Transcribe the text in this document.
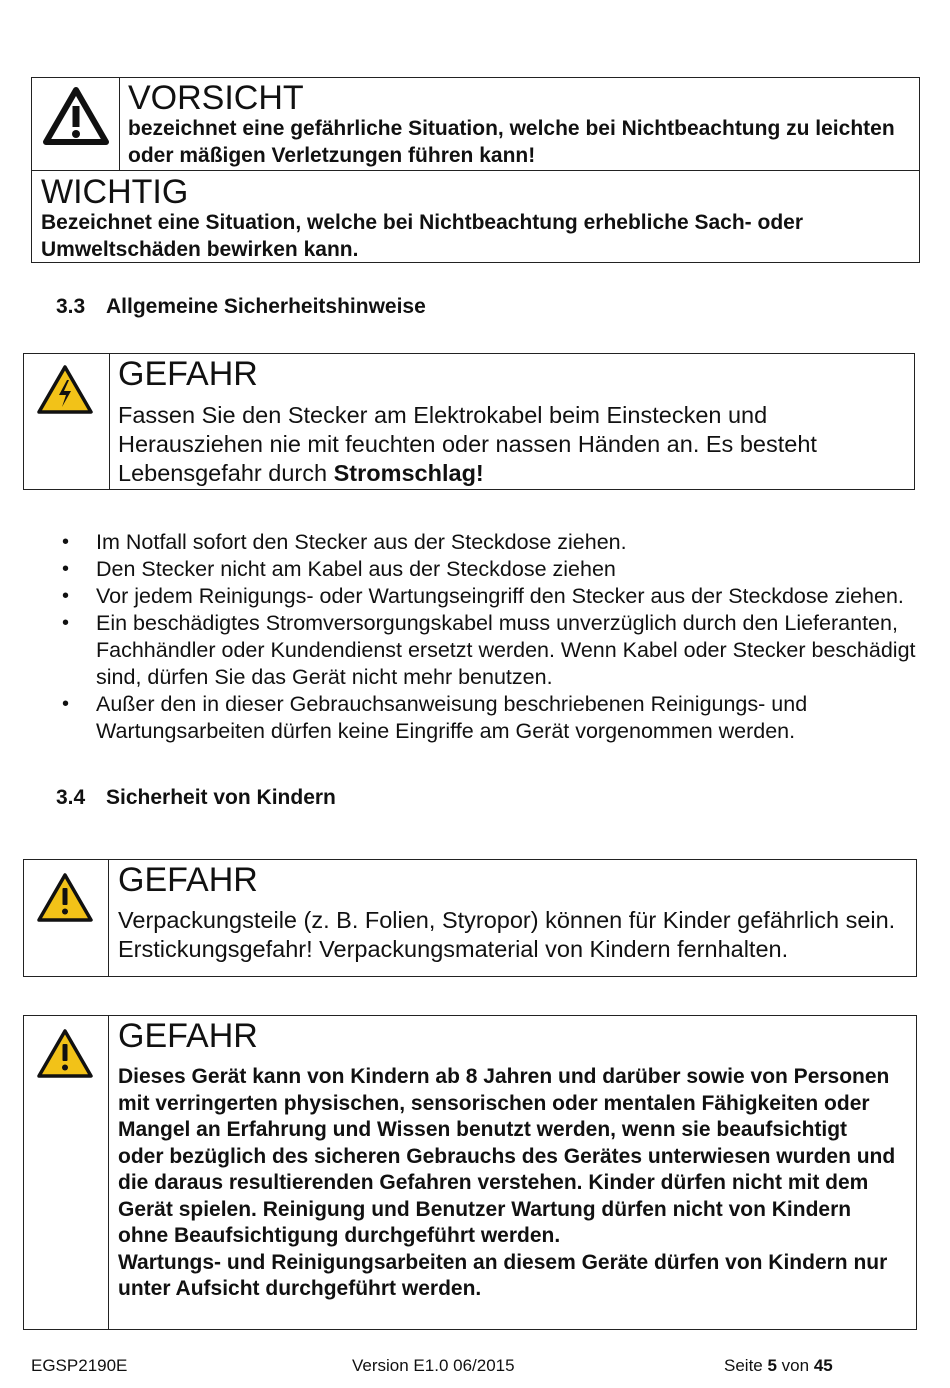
VORSICHT

bezeichnet eine gefährliche Situation, welche bei Nichtbeachtung zu leichten oder mäßigen Verletzungen führen kann!

WICHTIG

Bezeichnet eine Situation, welche bei Nichtbeachtung erhebliche Sach- oder Umweltschäden bewirken kann.

3.3 Allgemeine Sicherheitshinweise

GEFAHR

Fassen Sie den Stecker am Elektrokabel beim Einstecken und Herausziehen nie mit feuchten oder nassen Händen an. Es besteht Lebensgefahr durch Stromschlag!

• Im Notfall sofort den Stecker aus der Steckdose ziehen.
• Den Stecker nicht am Kabel aus der Steckdose ziehen
• Vor jedem Reinigungs- oder Wartungseingriff den Stecker aus der Steckdose ziehen.
• Ein beschädigtes Stromversorgungskabel muss unverzüglich durch den Lieferanten, Fachhändler oder Kundendienst ersetzt werden. Wenn Kabel oder Stecker beschädigt sind, dürfen Sie das Gerät nicht mehr benutzen.
• Außer den in dieser Gebrauchsanweisung beschriebenen Reinigungs- und Wartungsarbeiten dürfen keine Eingriffe am Gerät vorgenommen werden.
3.4 Sicherheit von Kindern

GEFAHR

Verpackungsteile (z. B. Folien, Styropor) können für Kinder gefährlich sein. Erstickungsgefahr! Verpackungsmaterial von Kindern fernhalten.

GEFAHR

Dieses Gerät kann von Kindern ab 8 Jahren und darüber sowie von Personen mit verringerten physischen, sensorischen oder mentalen Fähigkeiten oder Mangel an Erfahrung und Wissen benutzt werden, wenn sie beaufsichtigt oder bezüglich des sicheren Gebrauchs des Gerätes unterwiesen wurden und die daraus resultierenden Gefahren verstehen. Kinder dürfen nicht mit dem Gerät spielen. Reinigung und Benutzer Wartung dürfen nicht von Kindern ohne Beaufsichtigung durchgeführt werden.

Wartungs- und Reinigungsarbeiten an diesem Geräte dürfen von Kindern nur unter Aufsicht durchgeführt werden.

EGSP2190E	Version E1.0 06/2015	Seite 5 von 45
